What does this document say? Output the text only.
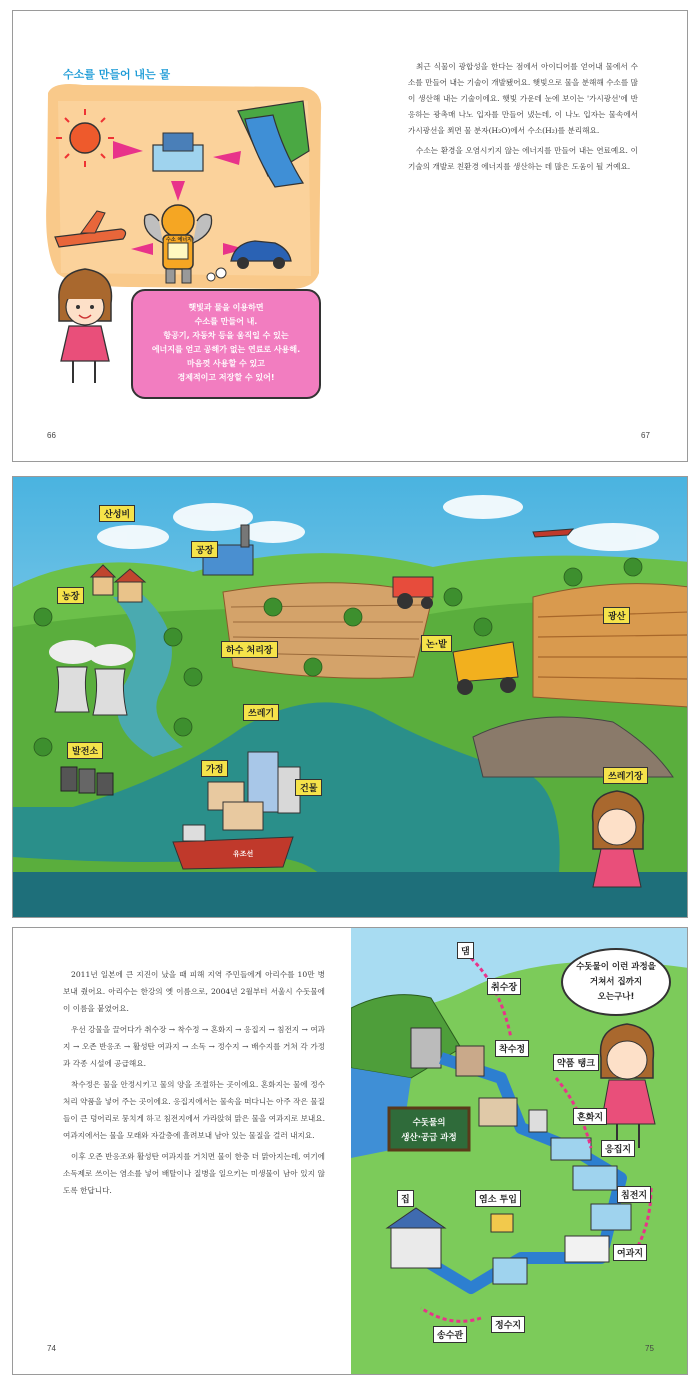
수소를 만들어 내는 물
수소 에너지

햇빛과 물을 이용하면

수소를 만들어 내.

항공기, 자동차 등을 움직일 수 있는

에너지를 얻고 공해가 없는 연료로 사용해.

마음껏 사용할 수 있고

경제적이고 저장할 수 있어!

최근 식물이 광합성을 한다는 점에서 아이디어를 얻어내 물에서 수소를 만들어 내는 기술이 개발됐어요. 햇빛으로 물을 분해해 수소를 많이 생산해 내는 기술이에요. 햇빛 가운데 눈에 보이는 '가시광선'에 반응하는 광촉매 나노 입자를 만들어 냈는데, 이 나노 입자는 물속에서 가시광선을 쬐면 물 분자(H₂O)에서 수소(H₂)를 분리해요.

수소는 환경을 오염시키지 않는 에너지를 만들어 내는 연료예요. 이 기술의 개발로 친환경 에너지를 생산하는 데 많은 도움이 될 거예요.

66	67
산성비
공장
농장
하수 처리장
논·밭
광산
발전소
쓰레기
가정
건물
쓰레기장
유조선

2011년 일본에 큰 지진이 났을 때 피해 지역 주민들에게 아리수를 10만 병 보내 줬어요. 아리수는 한강의 옛 이름으로, 2004년 2월부터 서울시 수돗물에 이 이름을 붙였어요.

우선 강물을 끌어다가 취수장 → 착수정 → 혼화지 → 응집지 → 침전지 → 여과지 → 오존 반응조 → 활성탄 여과지 → 소독 → 정수지 → 배수지를 거쳐 각 가정과 각종 시설에 공급해요.

착수정은 물을 안정시키고 물의 양을 조절하는 곳이에요. 혼화지는 물에 정수 처리 약품을 넣어 주는 곳이에요. 응집지에서는 물속을 떠다니는 아주 작은 물질들이 큰 덩어리로 뭉치게 하고 침전지에서 가라앉혀 맑은 물을 여과지로 보내요. 여과지에서는 물을 모래와 자갈층에 흘려보내 남아 있는 물질을 걸러 내지요.

이후 오존 반응조와 활성탄 여과지를 거치면 물이 한층 더 맑아지는데, 여기에 소독제로 쓰이는 염소를 넣어 배탈이나 질병을 일으키는 미생물이 남아 있지 않도록 한답니다.

수돗물이 이런 과정을
거쳐서 집까지
오는구나!
수돗물의
생산·공급 과정
댐
취수장
착수정
약품 탱크
혼화지
응집지
침전지
여과지
정수지
송수관
염소 투입
집
74	75
